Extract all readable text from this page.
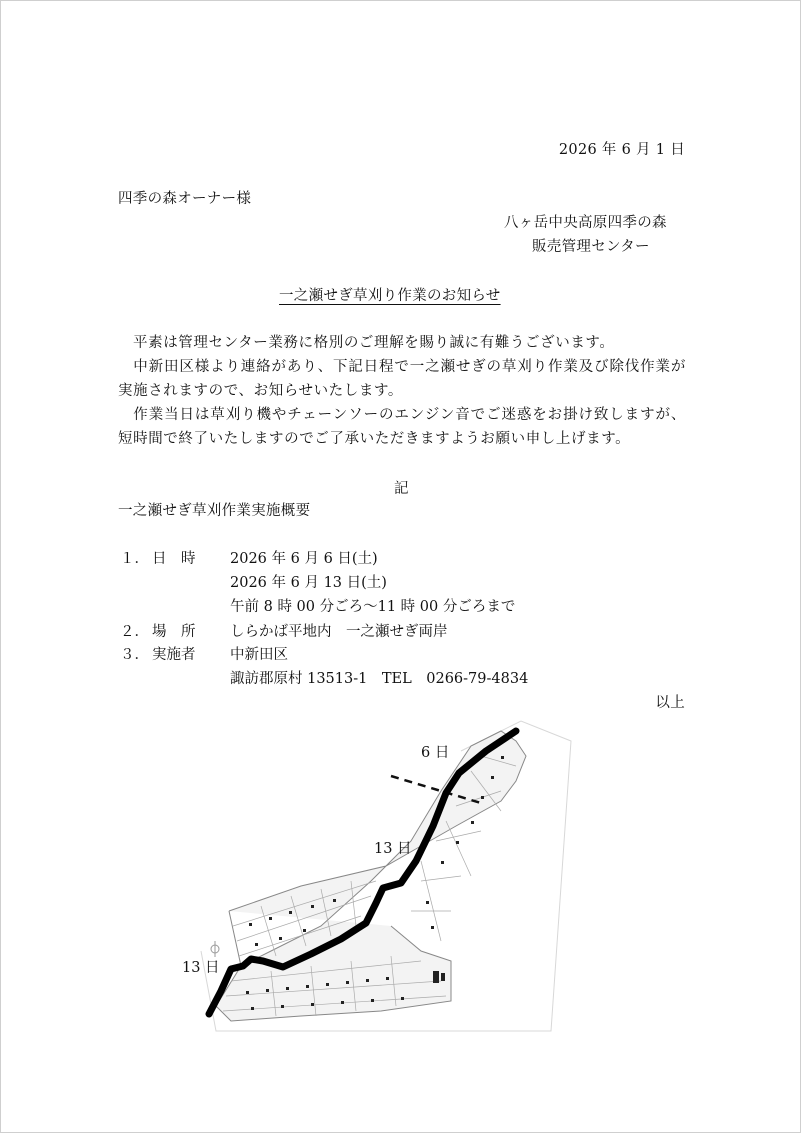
2026 年 6 月 1 日
四季の森オーナー様
八ヶ岳中央高原四季の森
販売管理センター
一之瀬せぎ草刈り作業のお知らせ
平素は管理センター業務に格別のご理解を賜り誠に有難うございます。
中新田区様より連絡があり、下記日程で一之瀬せぎの草刈り作業及び除伐作業が実施されますので、お知らせいたします。
作業当日は草刈り機やチェーンソーのエンジン音でご迷惑をお掛け致しますが、短時間で終了いたしますのでご了承いただきますようお願い申し上げます。
記
一之瀬せぎ草刈作業実施概要
１． 日　時 2026 年 6 月 6 日(土)
2026 年 6 月 13 日(土)
午前 8 時 00 分ごろ～11 時 00 分ごろまで
２． 場　所 しらかば平地内　一之瀬せぎ両岸
３． 実施者 中新田区
諏訪郡原村 13513-1　TEL　0266-79-4834
以上
6 日
13 日
13 日
